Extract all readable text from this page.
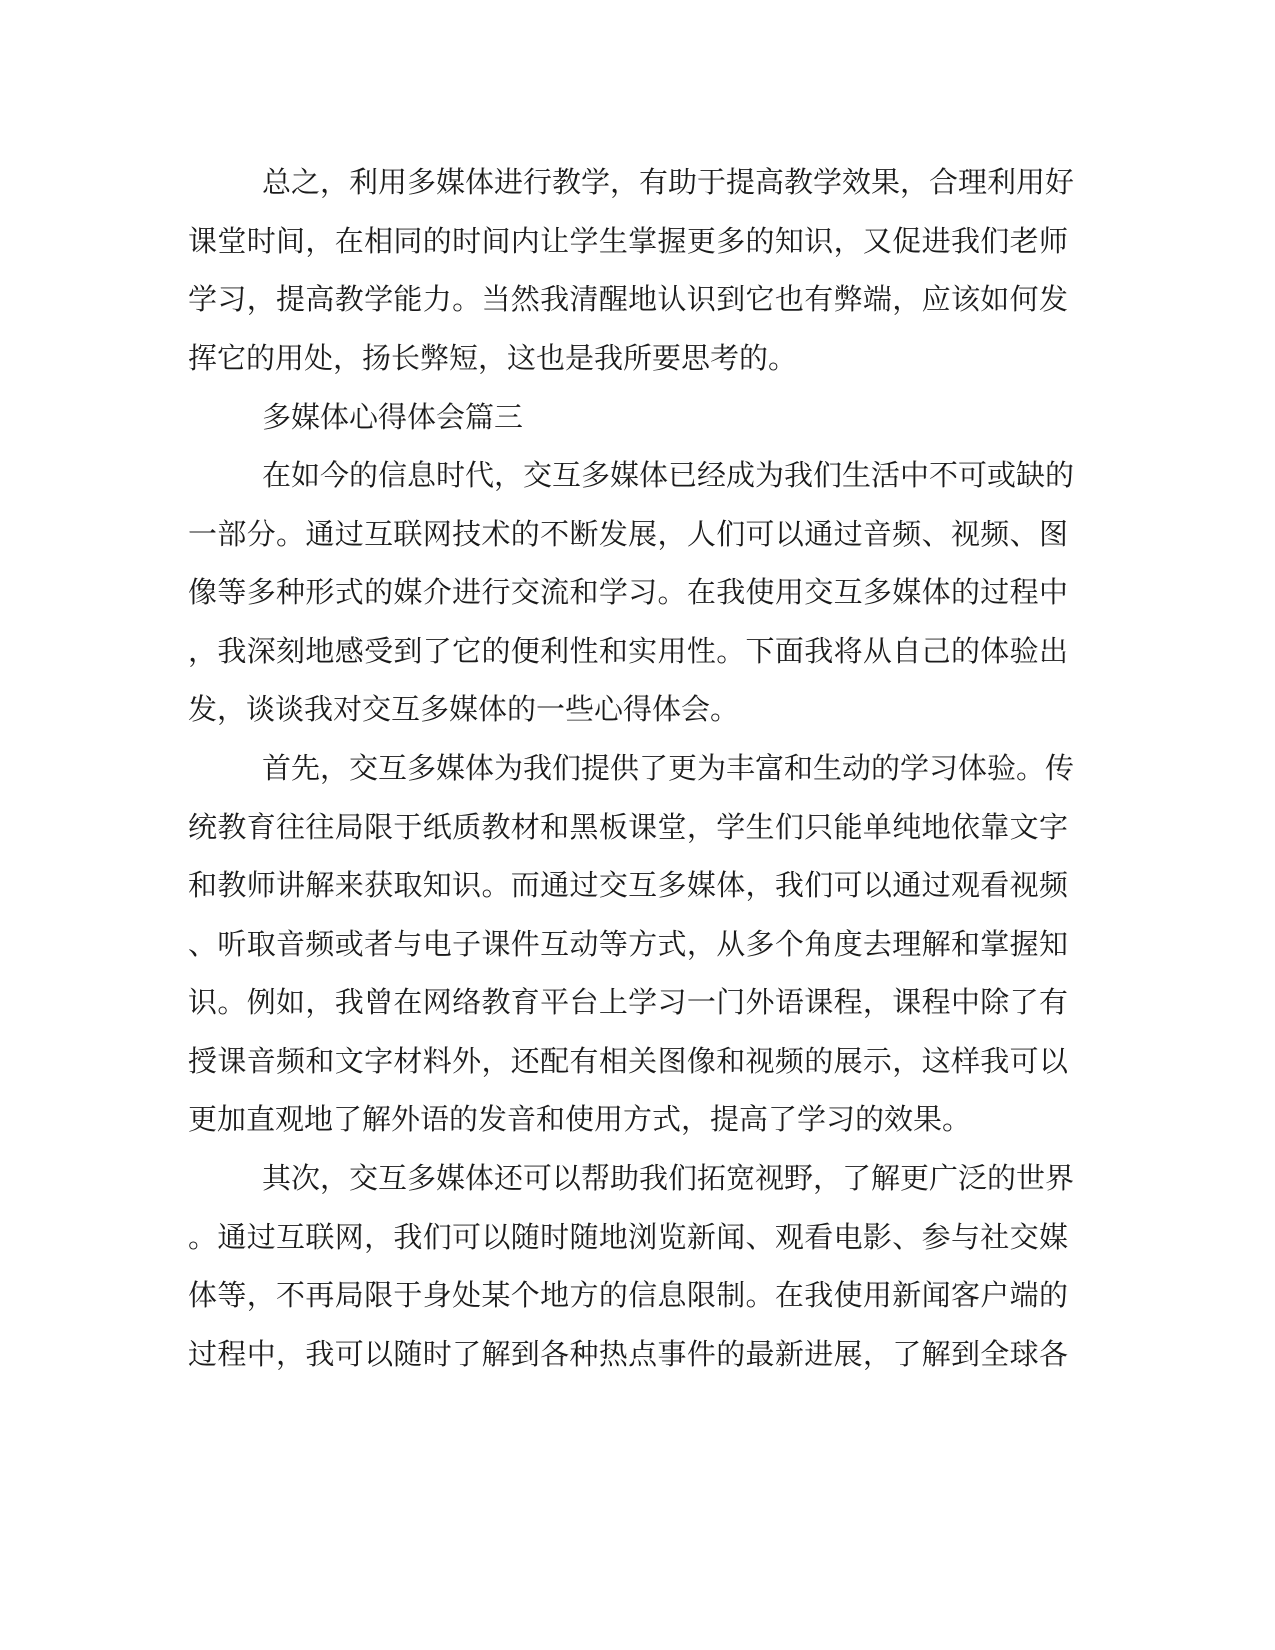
总之，利用多媒体进行教学，有助于提高教学效果，合理利用好
课堂时间，在相同的时间内让学生掌握更多的知识，又促进我们老师
学习，提高教学能力。当然我清醒地认识到它也有弊端，应该如何发
挥它的用处，扬长弊短，这也是我所要思考的。
多媒体心得体会篇三
在如今的信息时代，交互多媒体已经成为我们生活中不可或缺的
一部分。通过互联网技术的不断发展，人们可以通过音频、视频、图
像等多种形式的媒介进行交流和学习。在我使用交互多媒体的过程中
，我深刻地感受到了它的便利性和实用性。下面我将从自己的体验出
发，谈谈我对交互多媒体的一些心得体会。
首先，交互多媒体为我们提供了更为丰富和生动的学习体验。传
统教育往往局限于纸质教材和黑板课堂，学生们只能单纯地依靠文字
和教师讲解来获取知识。而通过交互多媒体，我们可以通过观看视频
、听取音频或者与电子课件互动等方式，从多个角度去理解和掌握知
识。例如，我曾在网络教育平台上学习一门外语课程，课程中除了有
授课音频和文字材料外，还配有相关图像和视频的展示，这样我可以
更加直观地了解外语的发音和使用方式，提高了学习的效果。
其次，交互多媒体还可以帮助我们拓宽视野，了解更广泛的世界
。通过互联网，我们可以随时随地浏览新闻、观看电影、参与社交媒
体等，不再局限于身处某个地方的信息限制。在我使用新闻客户端的
过程中，我可以随时了解到各种热点事件的最新进展，了解到全球各
